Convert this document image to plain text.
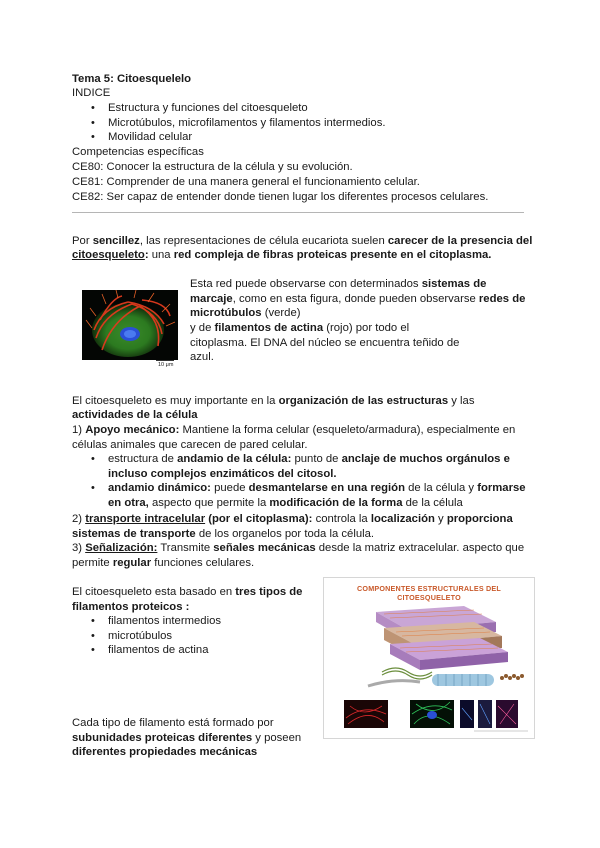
Tema 5: Citoesquelelo
INDICE
• Estructura y funciones del citoesqueleto
• Microtúbulos, microfilamentos y filamentos intermedios.
• Movilidad celular
Competencias específicas
CE80: Conocer la estructura de la célula y su evolución.
CE81: Comprender de una manera general el funcionamiento celular.
CE82: Ser capaz de entender donde tienen lugar los diferentes procesos celulares.
Por sencillez, las representaciones de célula eucariota suelen carecer de la presencia del
citoesqueleto: una red compleja de fibras proteicas presente en el citoplasma.
10 μm
Esta red puede observarse con determinados sistemas de
marcaje, como en esta figura, donde pueden observarse redes de
microtúbulos (verde)
y de filamentos de actina (rojo) por todo el
citoplasma. El DNA del núcleo se encuentra teñido de
azul.
El citoesqueleto es muy importante en la organización de las estructuras y las
actividades de la célula
1) Apoyo mecánico: Mantiene la forma celular (esqueleto/armadura), especialmente en
células animales que carecen de pared celular.
• estructura de andamio de la célula: punto de anclaje de muchos orgánulos e
incluso complejos enzimáticos del citosol.
• andamio dinámico: puede desmantelarse en una región de la célula y formarse
en otra, aspecto que permite la modificación de la forma de la célula
2) transporte intracelular (por el citoplasma): controla la localización y proporciona
sistemas de transporte de los organelos por toda la célula.
3) Señalización: Transmite señales mecánicas desde la matriz extracelular. aspecto que
permite regular funciones celulares.
El citoesqueleto esta basado en tres tipos de
filamentos proteicos :
• filamentos intermedios
• microtúbulos
• filamentos de actina
Cada tipo de filamento está formado por
subunidades proteicas diferentes y poseen
diferentes propiedades mecánicas
COMPONENTES ESTRUCTURALES DEL
CITOESQUELETO
